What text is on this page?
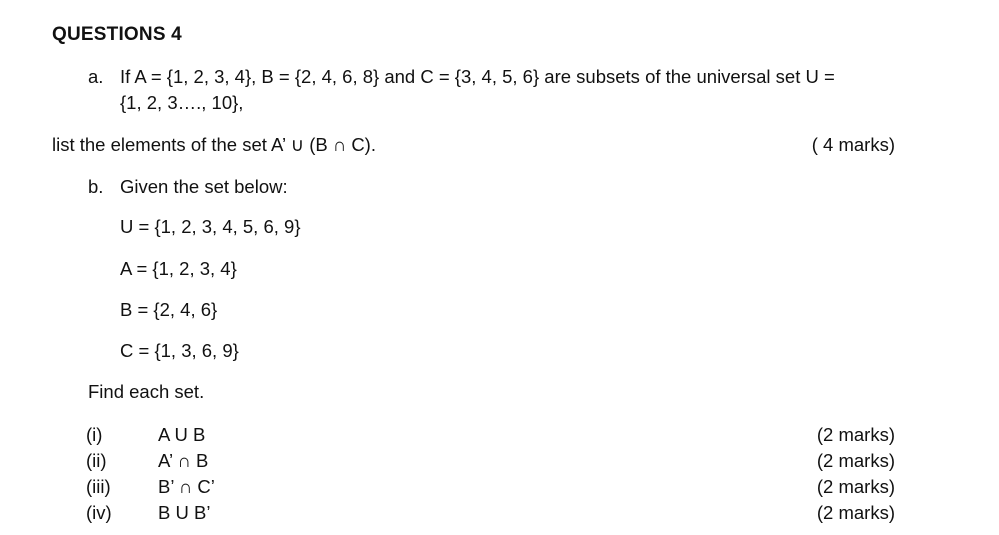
QUESTIONS 4
a. If A = {1, 2, 3, 4}, B = {2, 4, 6, 8} and C = {3, 4, 5, 6} are subsets of the universal set U =
{1, 2, 3…., 10},
list the elements of the set A’ ∪ (B ∩ C).	( 4 marks)
b. Given the set below:
U = {1, 2, 3, 4, 5, 6, 9}
A = {1, 2, 3, 4}
B = {2, 4, 6}
C = {1, 3, 6, 9}
Find each set.
(i)	A U B	(2 marks)
(ii)	A’ ∩ B	(2 marks)
(iii)	B’ ∩ C’	(2 marks)
(iv)	B U B’	(2 marks)
